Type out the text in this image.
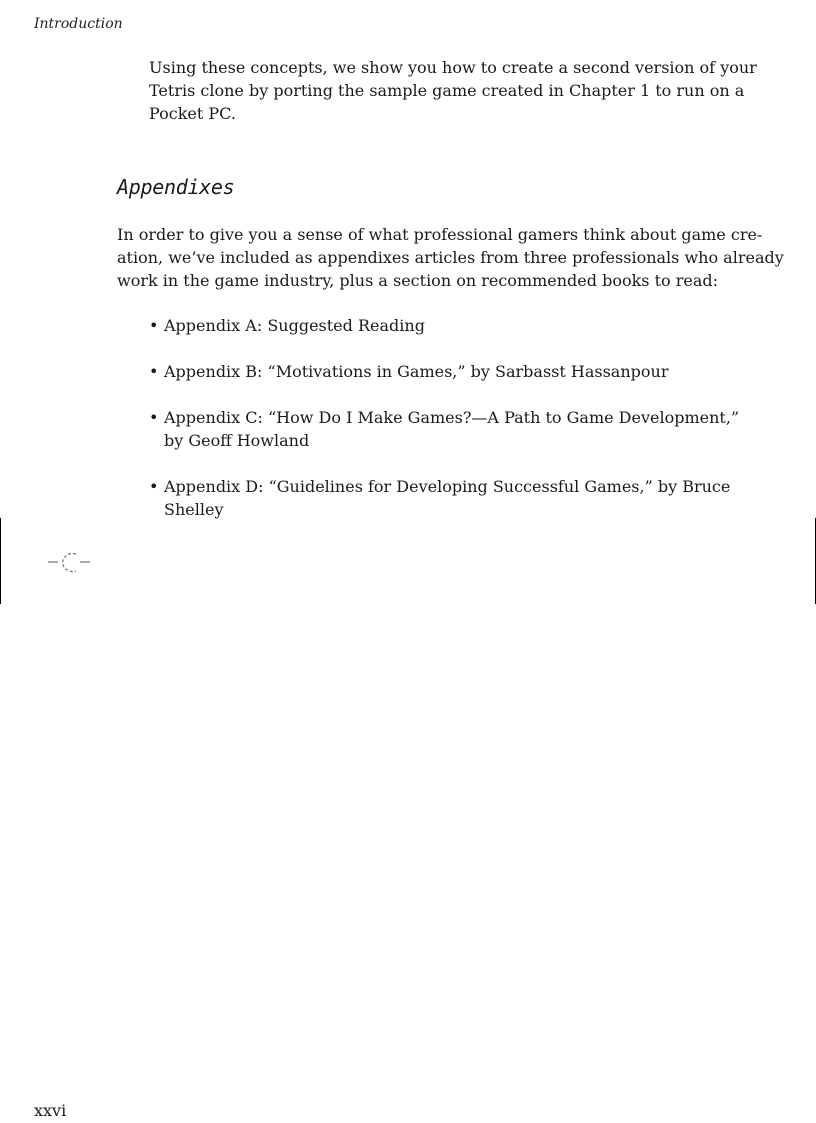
Introduction

Using these concepts, we show you how to create a second version of your
Tetris clone by porting the sample game created in Chapter 1 to run on a
Pocket PC.

Appendixes

In order to give you a sense of what professional gamers think about game cre-
ation, we’ve included as appendixes articles from three professionals who already
work in the game industry, plus a section on recommended books to read:

• Appendix A: Suggested Reading
• Appendix B: “Motivations in Games,” by Sarbasst Hassanpour
• Appendix C: “How Do I Make Games?—A Path to Game Development,”
by Geoff Howland
• Appendix D: “Guidelines for Developing Successful Games,” by Bruce
Shelley
xxvi
